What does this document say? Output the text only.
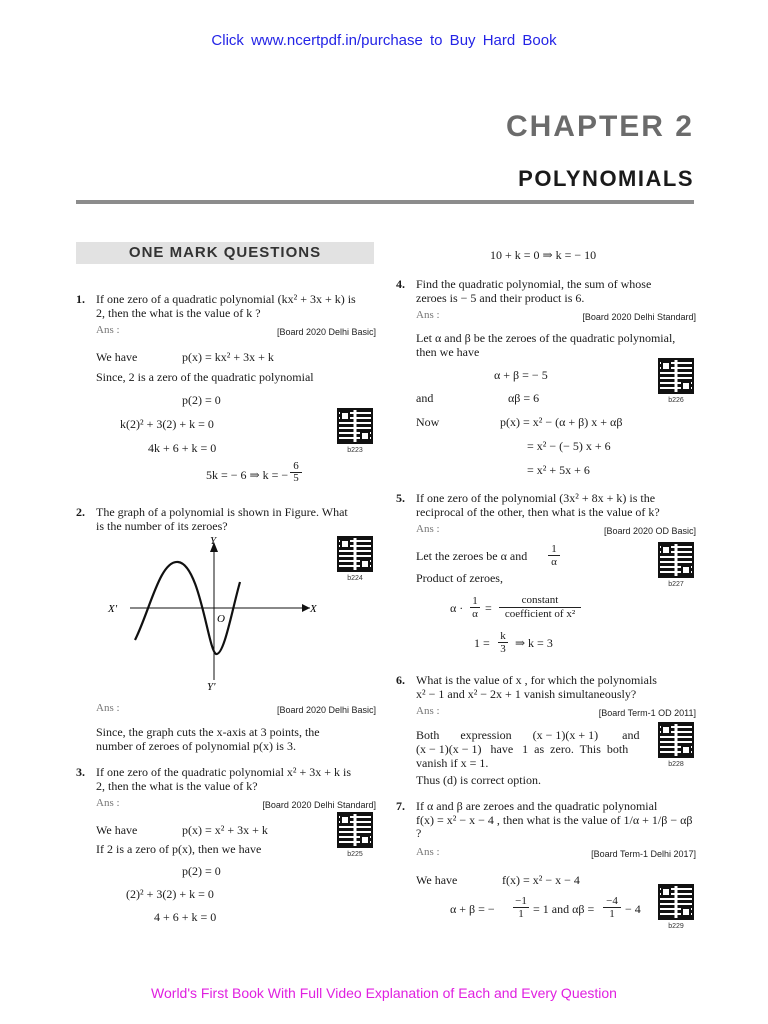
Click www.ncertpdf.in/purchase to Buy Hard Book
World's First Book With Full Video Explanation of Each and Every Question
CHAPTER 2
POLYNOMIALS
ONE MARK QUESTIONS
1. If one zero of a quadratic polynomial (kx² + 3x + k) is
2, then the what is the value of k ?
Ans :	[Board 2020 Delhi Basic]
We have	p(x) = kx² + 3x + k
Since, 2 is a zero of the quadratic polynomial
p(2) = 0
k(2)² + 3(2) + k = 0
4k + 6 + k = 0
5k = − 6 ⇒ k = − $\frac{6}{5}$
b223
2. The graph of a polynomial is shown in Figure. What
is the number of its zeroes?
b224
Y
Y'
X
X'
O
Ans :	[Board 2020 Delhi Basic]
Since, the graph cuts the x-axis at 3 points, the
number of zeroes of polynomial p(x) is 3.
3. If one zero of the quadratic polynomial x² + 3x + k is
2, then the what is the value of k?
Ans :	[Board 2020 Delhi Standard]
We have	p(x) = x² + 3x + k
If 2 is a zero of p(x), then we have
p(2) = 0
(2)² + 3(2) + k = 0
4 + 6 + k = 0
b225
10 + k = 0 ⇒ k = − 10
4. Find the quadratic polynomial, the sum of whose
zeroes is − 5 and their product is 6.
Ans :	[Board 2020 Delhi Standard]
Let α and β be the zeroes of the quadratic polynomial,
then we have
α + β = − 5
and	αβ = 6
Now	p(x) = x² − (α + β) x + αβ
= x² − (− 5) x + 6
= x² + 5x + 6
b226
5. If one zero of the polynomial (3x² + 8x + k) is the
reciprocal of the other, then what is the value of k?
Ans :	[Board 2020 OD Basic]
Let the zeroes be α and $\frac{1}{\alpha}$
Product of zeroes,
$\alpha \cdot \frac{1}{\alpha}$ =
constant
coefficient of x²
$1 = \frac{k}{3}$ ⇒ k = 3
b227
6. What is the value of x , for which the polynomials
x² − 1 and x² − 2x + 1 vanish simultaneously?
Ans :	[Board Term-1 OD 2011]
Both       expression       (x − 1)(x + 1)        and
(x − 1)(x − 1)   have   1  as  zero.  This  both
vanish if x = 1.
Thus (d) is correct option.
b228
7. If α and β are zeroes and the quadratic polynomial
f(x) = x² − x − 4 , then what is the value of 1/α + 1/β − αβ
?
Ans :	[Board Term-1 Delhi 2017]
We have	f(x) = x² − x − 4
α + β = − $\frac{-1}{1} = 1$ and αβ =
−4
1 − 4
b229
